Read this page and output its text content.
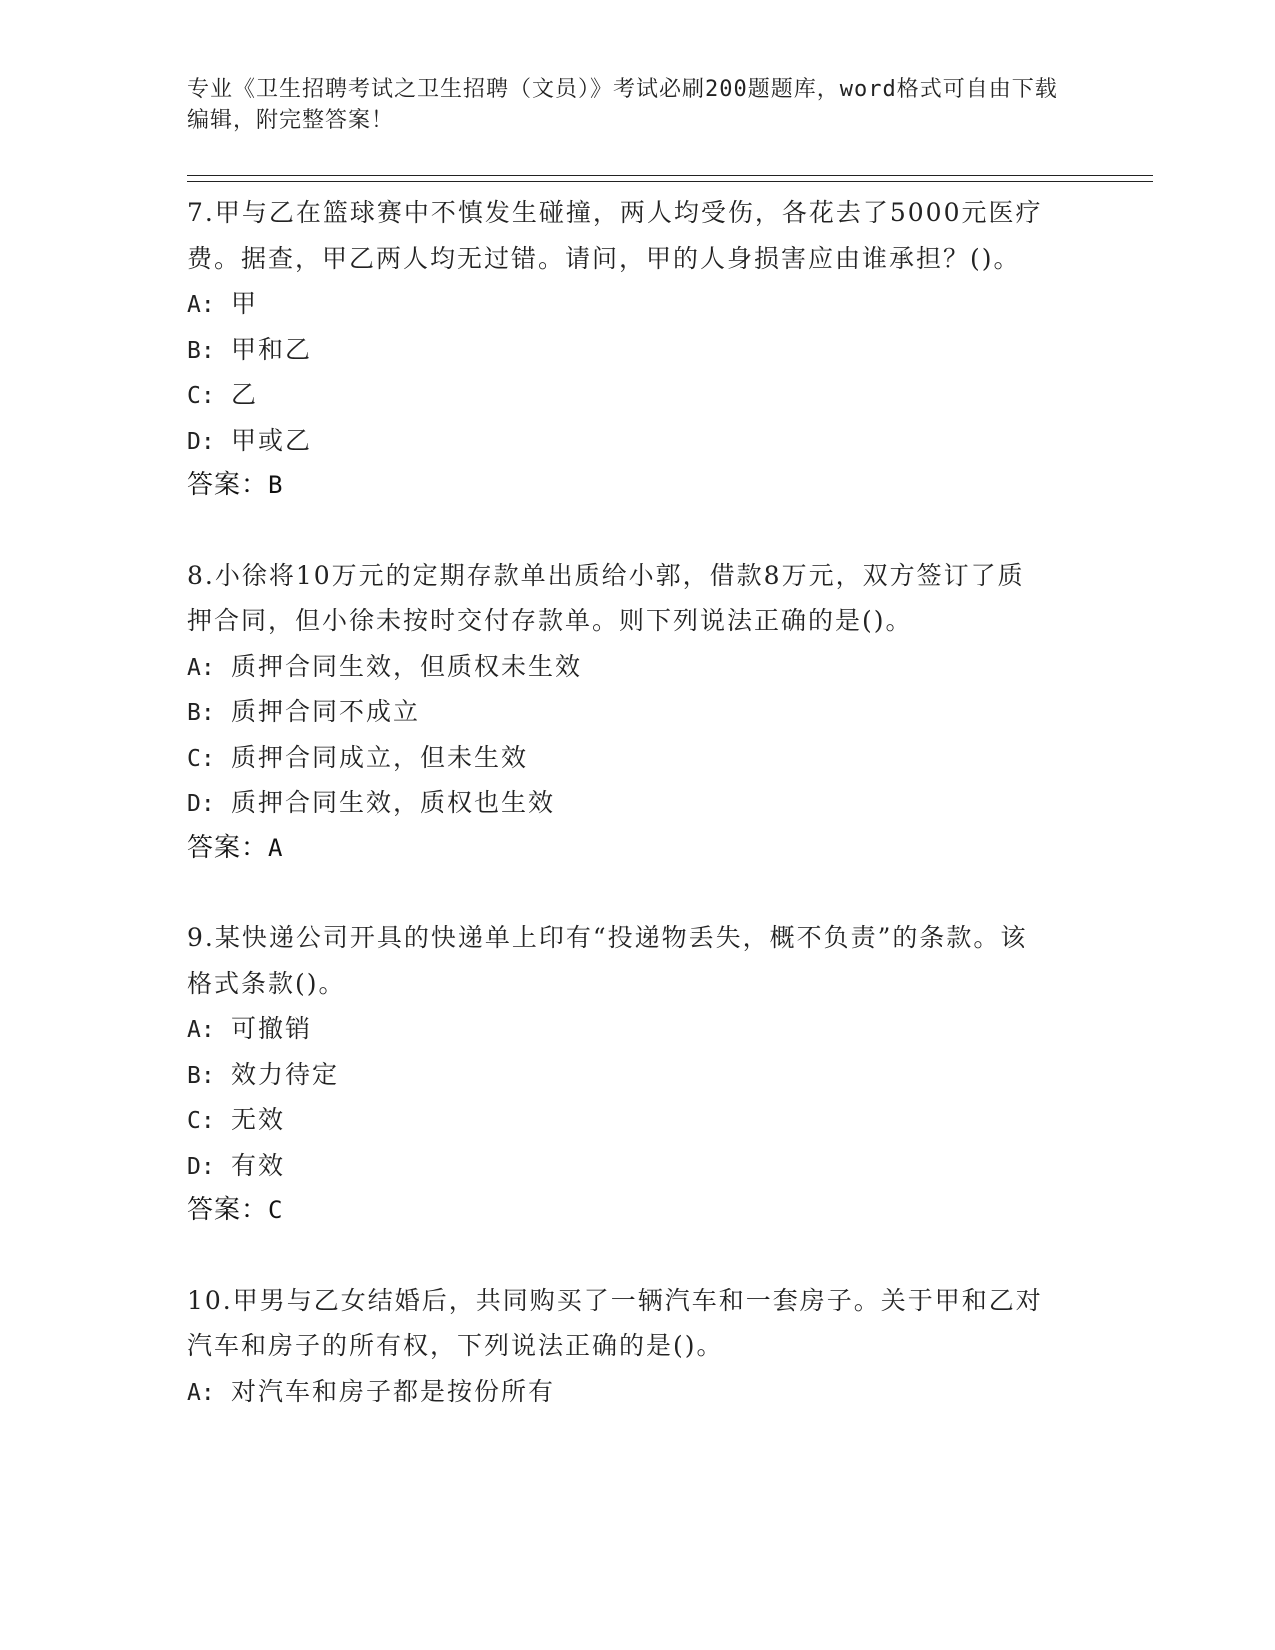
专业《卫生招聘考试之卫生招聘（文员）》考试必刷200题题库，word格式可自由下载编辑，附完整答案！
7.甲与乙在篮球赛中不慎发生碰撞，两人均受伤，各花去了5000元医疗费。据查，甲乙两人均无过错。请问，甲的人身损害应由谁承担？()。
A: 甲
B: 甲和乙
C: 乙
D: 甲或乙
答案：B
8.小徐将10万元的定期存款单出质给小郭，借款8万元，双方签订了质押合同，但小徐未按时交付存款单。则下列说法正确的是()。
A: 质押合同生效，但质权未生效
B: 质押合同不成立
C: 质押合同成立，但未生效
D: 质押合同生效，质权也生效
答案：A
9.某快递公司开具的快递单上印有“投递物丢失，概不负责”的条款。该格式条款()。
A: 可撤销
B: 效力待定
C: 无效
D: 有效
答案：C
10.甲男与乙女结婚后，共同购买了一辆汽车和一套房子。关于甲和乙对汽车和房子的所有权，下列说法正确的是()。
A: 对汽车和房子都是按份所有
